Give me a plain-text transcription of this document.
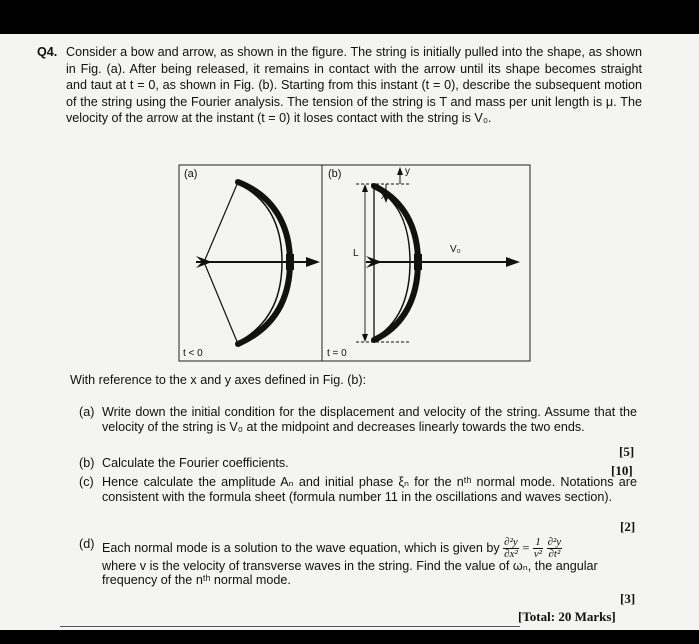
Q4. Consider a bow and arrow, as shown in the figure. The string is initially pulled into the shape, as shown in Fig. (a). After being released, it remains in contact with the arrow until its shape becomes straight and taut at t = 0, as shown in Fig. (b). Starting from this instant (t = 0), describe the subsequent motion of the string using the Fourier analysis. The tension of the string is T and mass per unit length is μ. The velocity of the arrow at the instant (t = 0) it loses contact with the string is V₀.
(a)
t < 0
(b)
x
y
L	V₀
t = 0
With reference to the x and y axes defined in Fig. (b):
(a) Write down the initial condition for the displacement and velocity of the string. Assume that the velocity of the string is V₀ at the midpoint and decreases linearly towards the two ends.
[5]
(b) Calculate the Fourier coefficients.	[10]
(c) Hence calculate the amplitude Aₙ and initial phase ξₙ for the nᵗʰ normal mode. Notations are consistent with the formula sheet (formula number 11 in the oscillations and waves section).
[2]
(d) Each normal mode is a solution to the wave equation, which is given by $\frac{\text{∂²y}}{\text{∂x²}} = \frac{1}{\text{v²}}$
$\frac{\text{∂²y}}{\text{∂t²}}$
where v is the velocity of transverse waves in the string. Find the value of ωₙ, the angular
frequency of the nᵗʰ normal mode.
[3]
[Total: 20 Marks]
